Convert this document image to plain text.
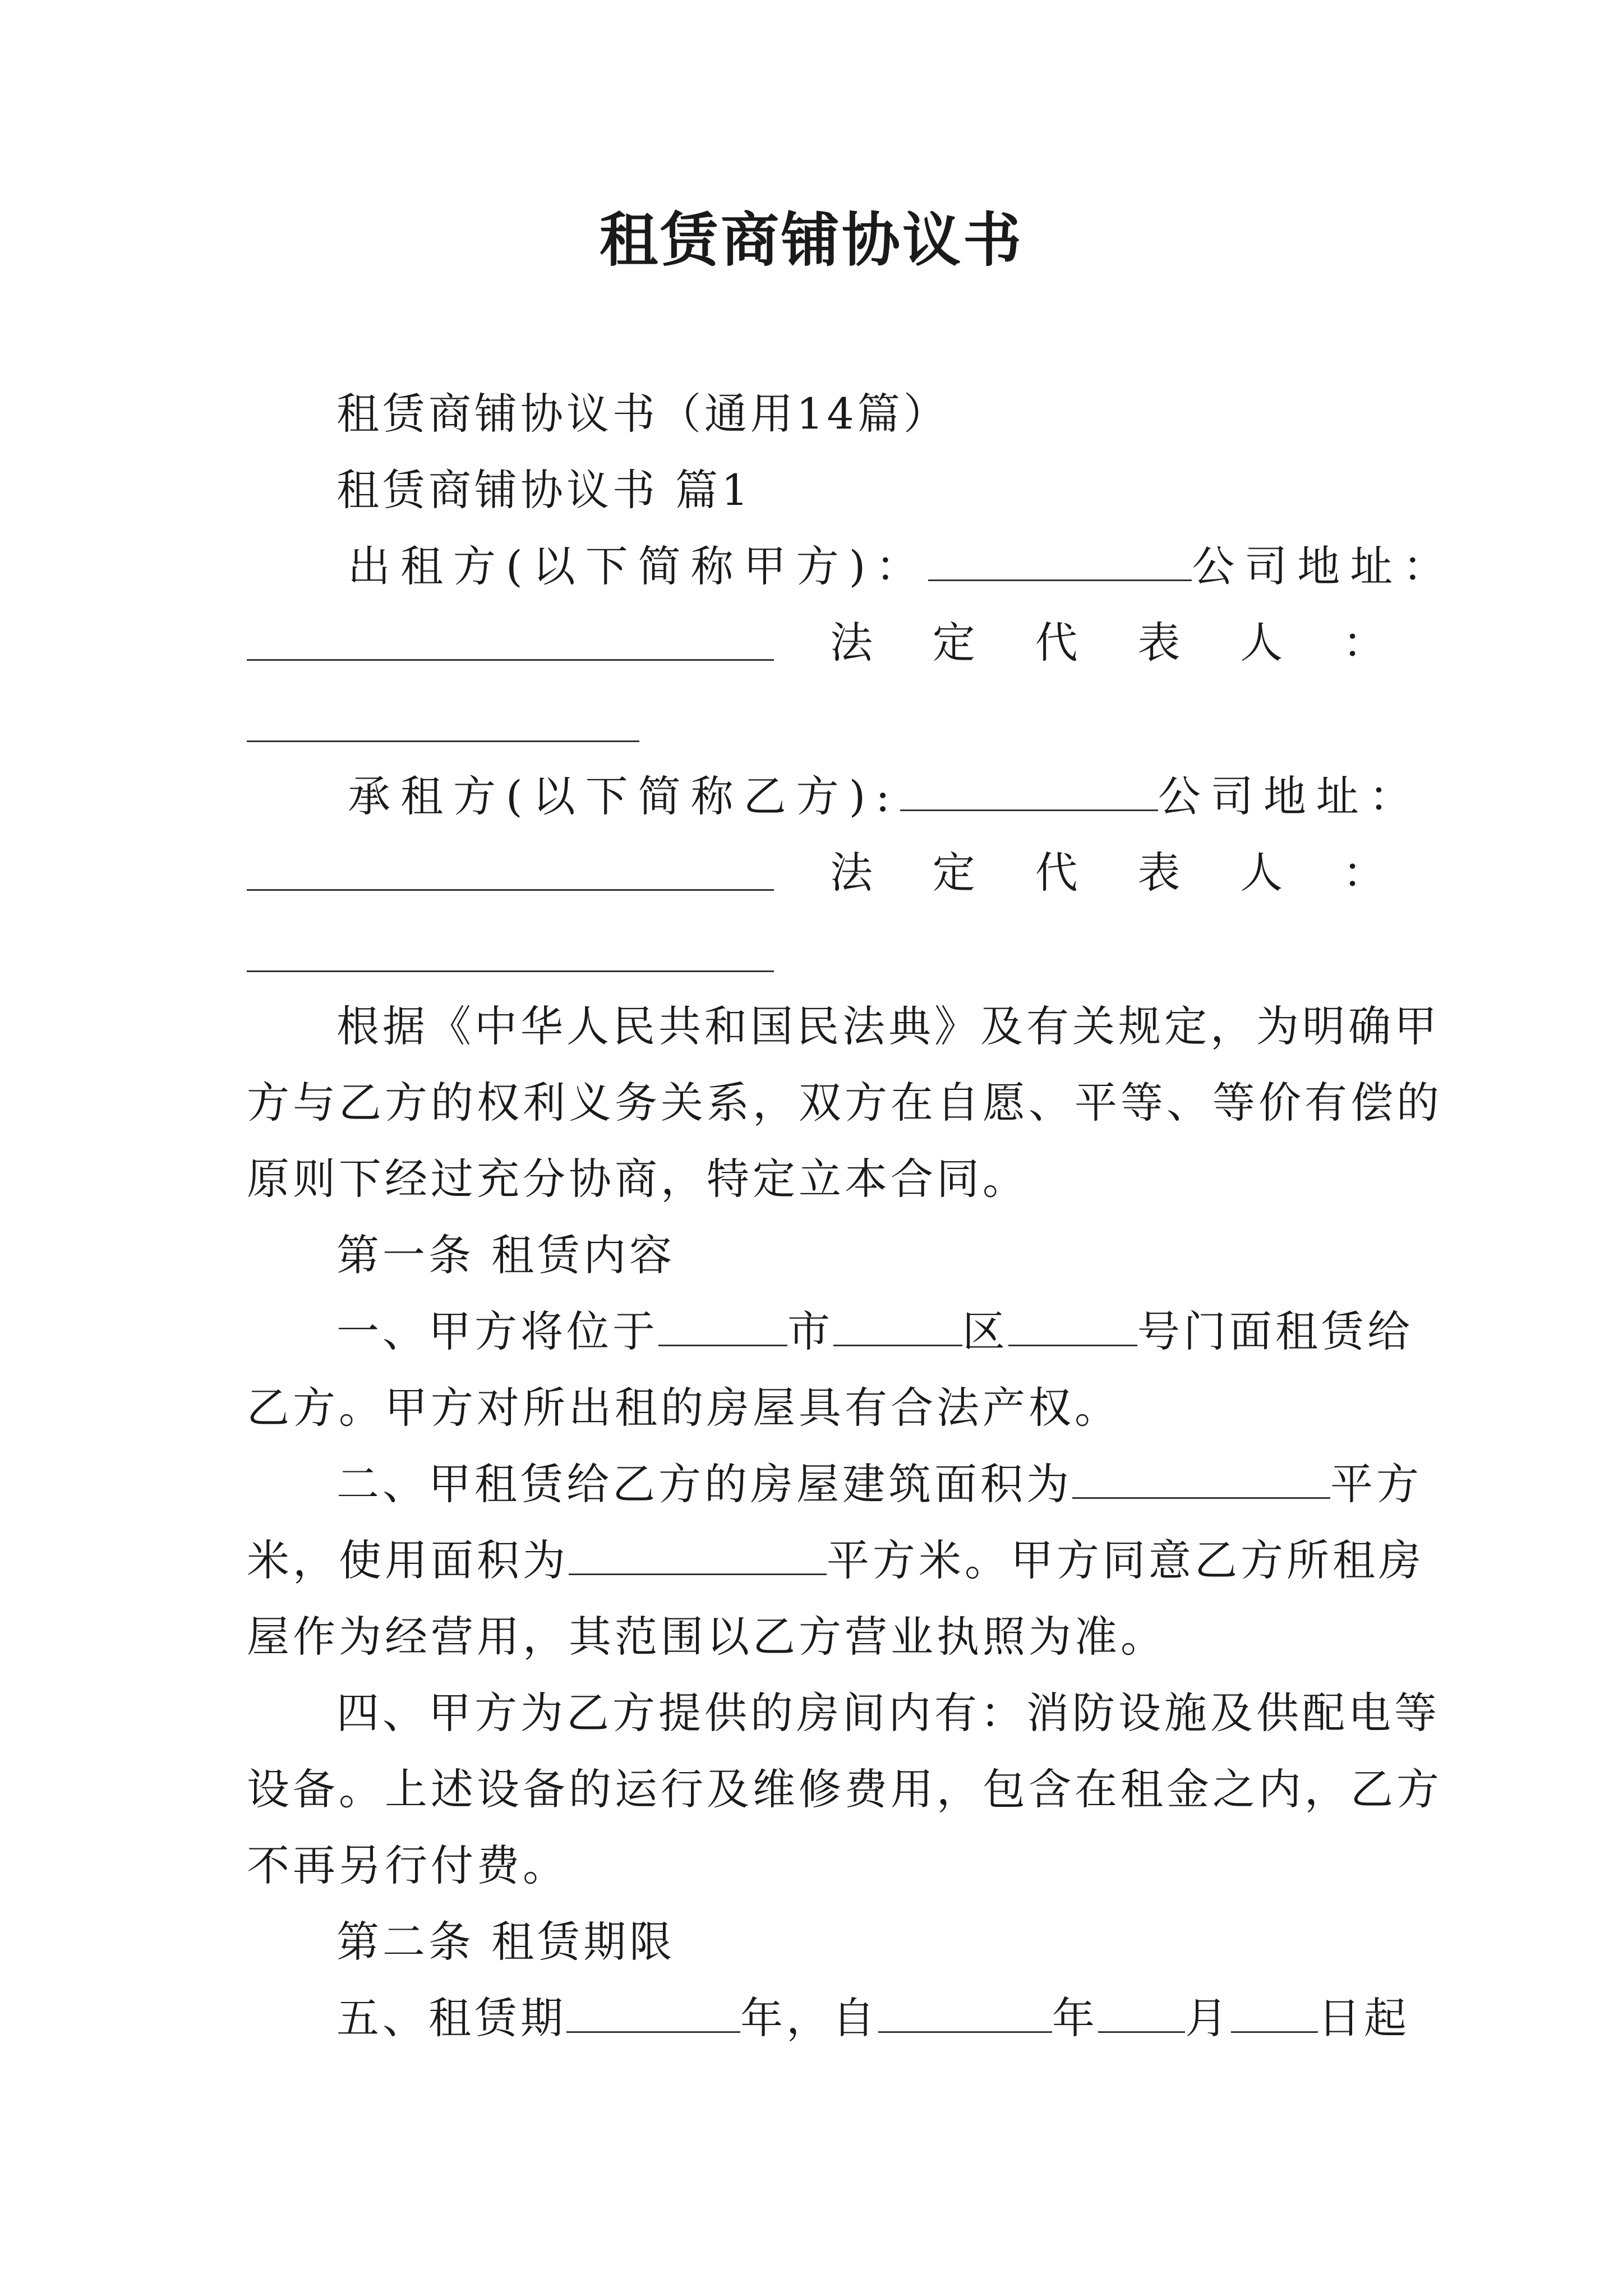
租赁商铺协议书
租赁商铺协议书（通用14篇）
租赁商铺协议书 篇1
出租方(以下简称甲方)：	公司地址：
法 定 代 表 人 ：
承租方(以下简称乙方):	公司地址：
法 定 代 表 人 ：
根据《中华人民共和国民法典》及有关规定，为明确甲
方与乙方的权利义务关系，双方在自愿、平等、等价有偿的
原则下经过充分协商，特定立本合同。
第一条 租赁内容
一、甲方将位于	市	区	号门面租赁给
乙方。甲方对所出租的房屋具有合法产权。
二、甲租赁给乙方的房屋建筑面积为	平方
米，使用面积为	平方米。甲方同意乙方所租房
屋作为经营用，其范围以乙方营业执照为准。
四、甲方为乙方提供的房间内有：消防设施及供配电等
设备。上述设备的运行及维修费用，包含在租金之内，乙方
不再另行付费。
第二条 租赁期限
五、租赁期	年，自	年 月 日起
